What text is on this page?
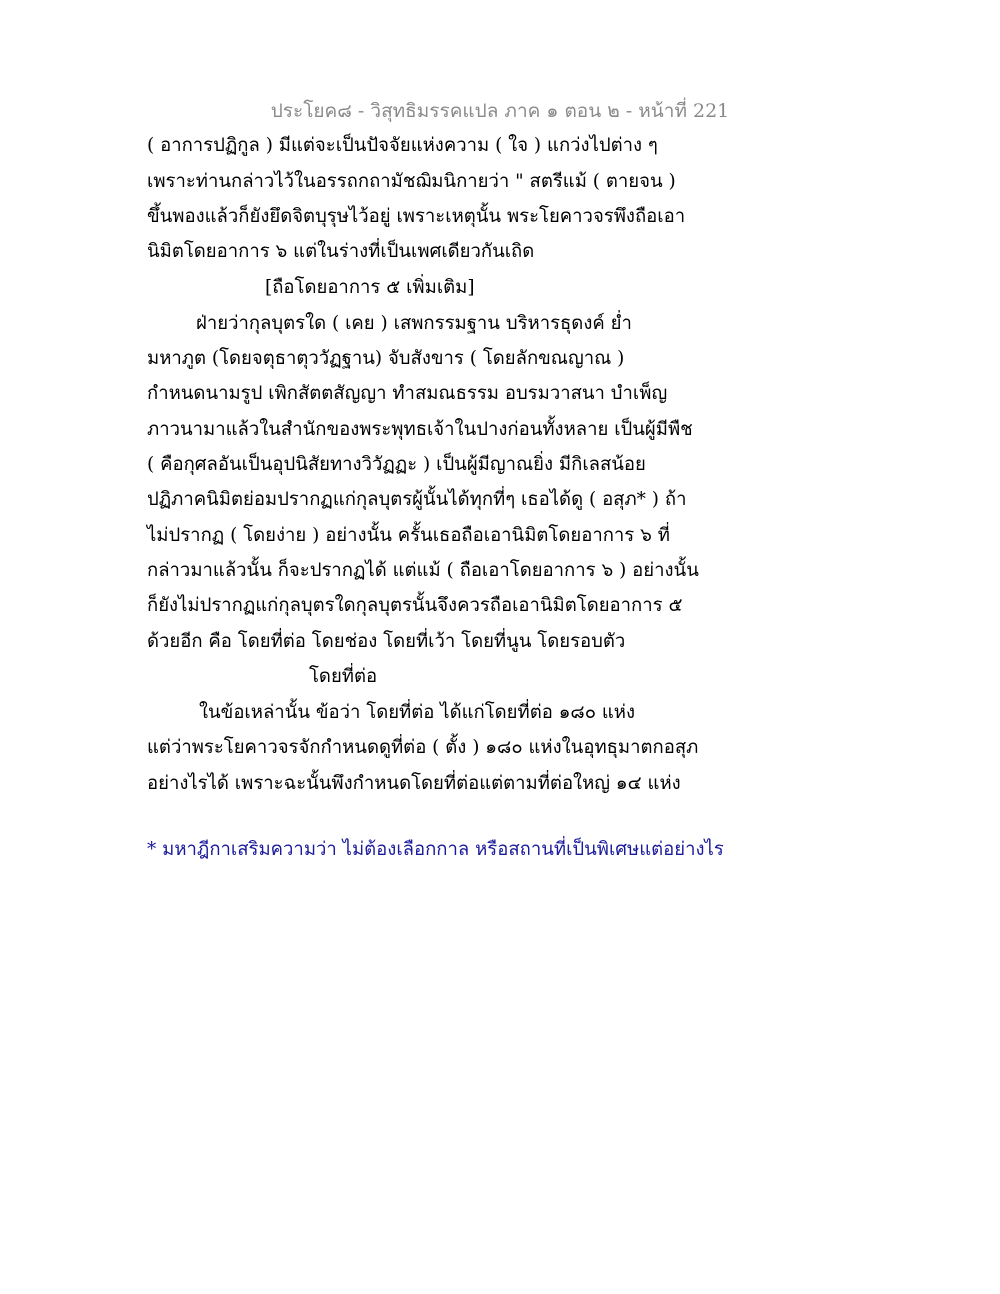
ประโยค๘ - วิสุทธิมรรคแปล ภาค ๑ ตอน ๒ - หน้าที่ 221
( อาการปฏิกูล ) มีแต่จะเป็นปัจจัยแห่งความ ( ใจ ) แกว่งไปต่าง ๆ
เพราะท่านกล่าวไว้ในอรรถกถามัชฌิมนิกายว่า " สตรีแม้ ( ตายจน )
ขึ้นพองแล้วก็ยังยึดจิตบุรุษไว้อยู่ เพราะเหตุนั้น พระโยคาวจรพึงถือเอา
นิมิตโดยอาการ ๖ แต่ในร่างที่เป็นเพศเดียวกันเถิด
[ถือโดยอาการ ๕ เพิ่มเติม]
ฝ่ายว่ากุลบุตรใด ( เคย ) เสพกรรมฐาน บริหารธุดงค์ ย่ำ
มหาภูต (โดยจตุธาตุววัฏฐาน) จับสังขาร ( โดยลักขณญาณ )
กำหนดนามรูป เพิกสัตตสัญญา ทำสมณธรรม อบรมวาสนา บำเพ็ญ
ภาวนามาแล้วในสำนักของพระพุทธเจ้าในปางก่อนทั้งหลาย เป็นผู้มีพืช
( คือกุศลอันเป็นอุปนิสัยทางวิวัฏฏะ ) เป็นผู้มีญาณยิ่ง มีกิเลสน้อย
ปฏิภาคนิมิตย่อมปรากฏแก่กุลบุตรผู้นั้นได้ทุกที่ๆ เธอได้ดู ( อสุภ* ) ถ้า
ไม่ปรากฏ ( โดยง่าย ) อย่างนั้น ครั้นเธอถือเอานิมิตโดยอาการ ๖ ที่
กล่าวมาแล้วนั้น ก็จะปรากฏได้ แต่แม้ ( ถือเอาโดยอาการ ๖ ) อย่างนั้น
ก็ยังไม่ปรากฏแก่กุลบุตรใดกุลบุตรนั้นจึงควรถือเอานิมิตโดยอาการ ๕
ด้วยอีก คือ โดยที่ต่อ โดยช่อง โดยที่เว้า โดยที่นูน โดยรอบตัว
โดยที่ต่อ
ในข้อเหล่านั้น ข้อว่า โดยที่ต่อ ได้แก่โดยที่ต่อ ๑๘๐ แห่ง
แต่ว่าพระโยคาวจรจักกำหนดดูที่ต่อ ( ตั้ง ) ๑๘๐ แห่งในอุทธุมาตกอสุภ
อย่างไรได้ เพราะฉะนั้นพึงกำหนดโดยที่ต่อแต่ตามที่ต่อใหญ่ ๑๔ แห่ง
* มหาฎีกาเสริมความว่า ไม่ต้องเลือกกาล หรือสถานที่เป็นพิเศษแต่อย่างไร
